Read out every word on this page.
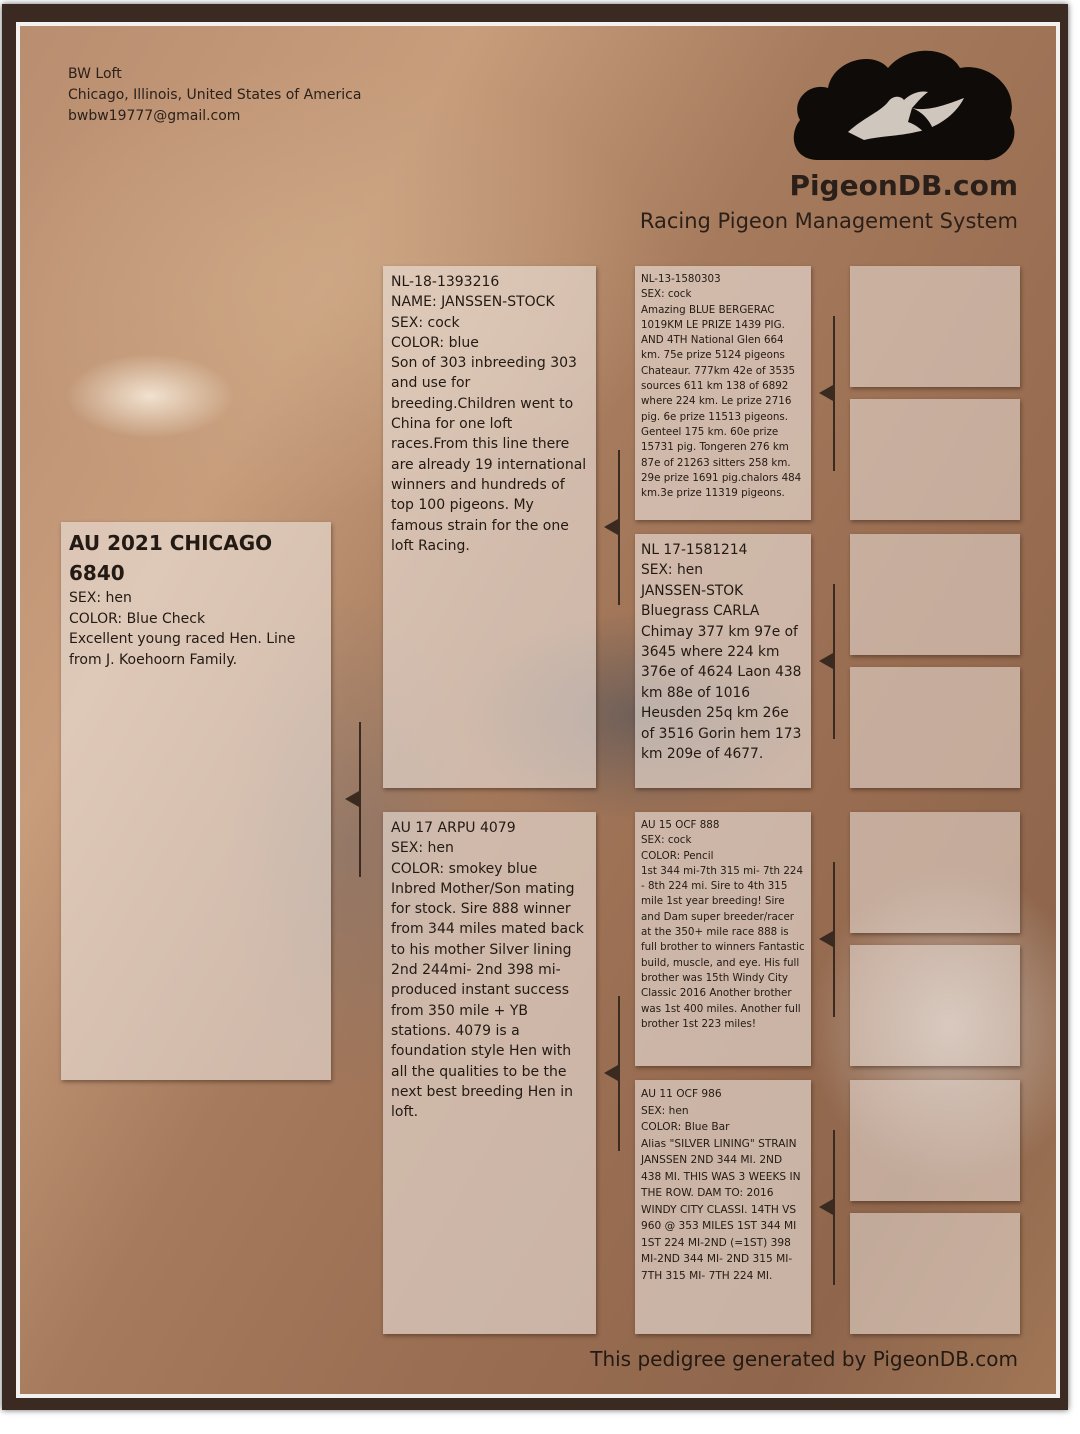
BW Loft
Chicago, Illinois, United States of America
bwbw19777@gmail.com
PigeonDB.com
Racing Pigeon Management System
AU 2021 CHICAGO 6840
SEX: hen
COLOR: Blue Check
Excellent young raced Hen. Line from J. Koehoorn Family.
NL-18-1393216
NAME: JANSSEN-STOCK
SEX: cock
COLOR: blue
Son of 303 inbreeding 303 and use for breeding.Children went to China for one loft races.From this line there are already 19 international winners and hundreds of top 100 pigeons. My famous strain for the one loft Racing.
AU 17 ARPU 4079
SEX: hen
COLOR: smokey blue
Inbred Mother/Son mating for stock. Sire 888 winner from 344 miles mated back to his mother Silver lining 2nd 244mi- 2nd 398 mi- produced instant success from 350 mile + YB stations. 4079 is a foundation style Hen with all the qualities to be the next best breeding Hen in loft.
NL-13-1580303
SEX: cock
Amazing BLUE BERGERAC 1019KM LE PRIZE 1439 PIG. AND 4TH National Glen 664 km. 75e prize 5124 pigeons Chateaur. 777km 42e of 3535 sources 611 km 138 of 6892 where 224 km. Le prize 2716 pig. 6e prize 11513 pigeons. Genteel 175 km. 60e prize 15731 pig. Tongeren 276 km 87e of 21263 sitters 258 km. 29e prize 1691 pig.chalors 484 km.3e prize 11319 pigeons.
NL 17-1581214
SEX: hen
JANSSEN-STOK
Bluegrass CARLA Chimay 377 km 97e of 3645 where 224 km 376e of 4624 Laon 438 km 88e of 1016 Heusden 25q km 26e of 3516 Gorin hem 173 km 209e of 4677.
AU 15 OCF 888
SEX: cock
COLOR: Pencil
1st 344 mi-7th 315 mi- 7th 224 - 8th 224 mi. Sire to 4th 315 mile 1st year breeding! Sire and Dam super breeder/racer at the 350+ mile race 888 is full brother to winners Fantastic build, muscle, and eye. His full brother was 15th Windy City Classic 2016 Another brother was 1st 400 miles. Another full brother 1st 223 miles!
AU 11 OCF 986
SEX: hen
COLOR: Blue Bar
Alias "SILVER LINING" STRAIN JANSSEN 2ND 344 MI. 2ND 438 MI. THIS WAS 3 WEEKS IN THE ROW. DAM TO: 2016 WINDY CITY CLASSI. 14TH VS 960 @ 353 MILES 1ST 344 MI 1ST 224 MI-2ND (=1ST) 398 MI-2ND 344 MI- 2ND 315 MI- 7TH 315 MI- 7TH 224 MI.
This pedigree generated by PigeonDB.com
